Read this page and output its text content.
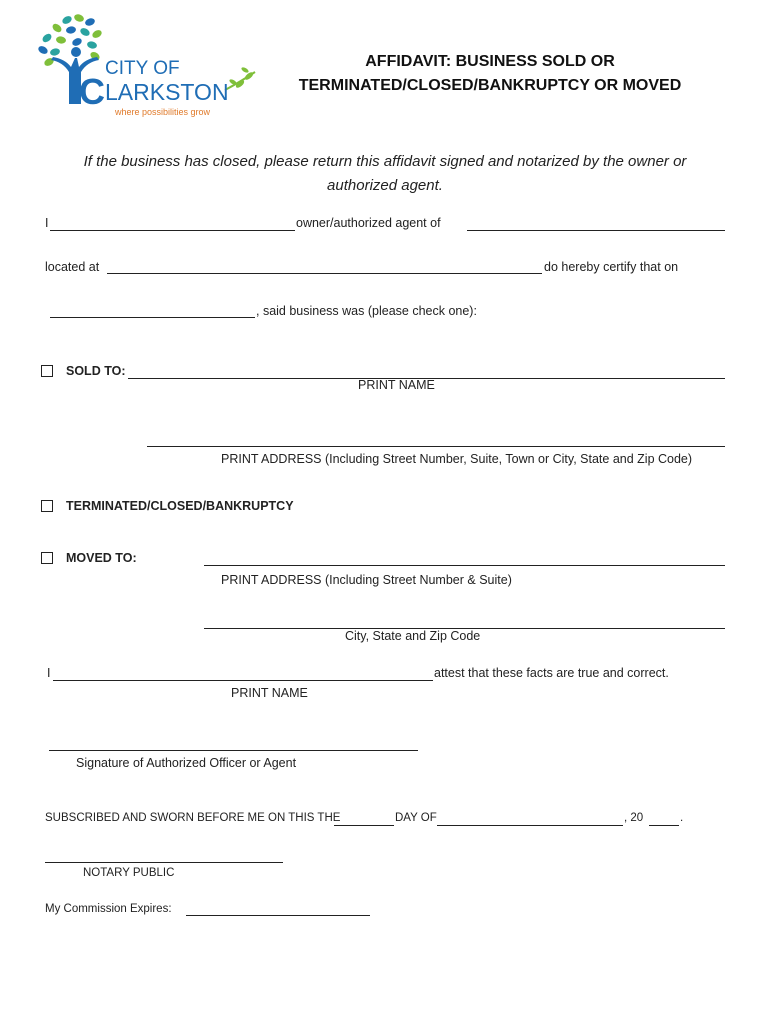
CITY OF
C LARKSTON
where possibilities grow
AFFIDAVIT: BUSINESS SOLD OR
TERMINATED/CLOSED/BANKRUPTCY OR MOVED
If the business has closed, please return this affidavit signed and notarized by the owner or
authorized agent.
I	owner/authorized agent of
located at	do hereby certify that on
, said business was (please check one):
SOLD TO:
PRINT NAME
PRINT ADDRESS (Including Street Number, Suite, Town or City, State and Zip Code)
TERMINATED/CLOSED/BANKRUPTCY
MOVED TO:
PRINT ADDRESS (Including Street Number & Suite)
City, State and Zip Code
I	attest that these facts are true and correct.
PRINT NAME
Signature of Authorized Officer or Agent
SUBSCRIBED AND SWORN BEFORE ME ON THIS THE	DAY OF	, 20	.
NOTARY PUBLIC
My Commission Expires:
